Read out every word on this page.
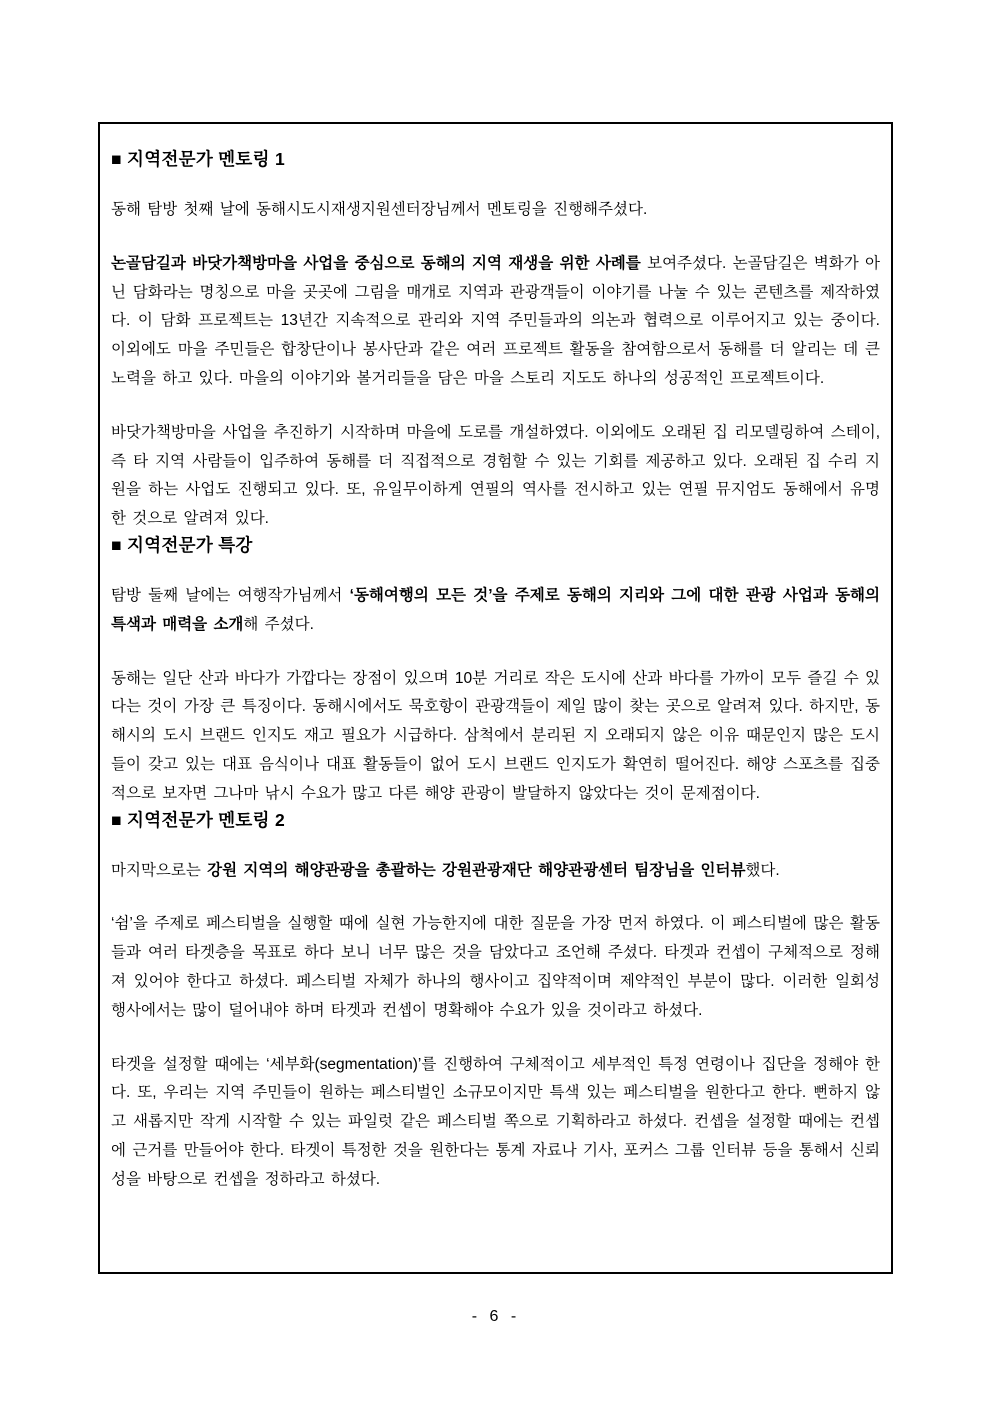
■ 지역전문가 멘토링 1

동해 탐방 첫째 날에 동해시도시재생지원센터장님께서 멘토링을 진행해주셨다.

논골담길과 바닷가책방마을 사업을 중심으로 동해의 지역 재생을 위한 사례를 보여주셨다. 논골담길은 벽화가 아닌 담화라는 명칭으로 마을 곳곳에 그림을 매개로 지역과 관광객들이 이야기를 나눌 수 있는 콘텐츠를 제작하였다. 이 담화 프로젝트는 13년간 지속적으로 관리와 지역 주민들과의 의논과 협력으로 이루어지고 있는 중이다. 이외에도 마을 주민들은 합창단이나 봉사단과 같은 여러 프로젝트 활동을 참여함으로서 동해를 더 알리는 데 큰 노력을 하고 있다. 마을의 이야기와 볼거리들을 담은 마을 스토리 지도도 하나의 성공적인 프로젝트이다.

바닷가책방마을 사업을 추진하기 시작하며 마을에 도로를 개설하였다. 이외에도 오래된 집 리모델링하여 스테이, 즉 타 지역 사람들이 입주하여 동해를 더 직접적으로 경험할 수 있는 기회를 제공하고 있다. 오래된 집 수리 지원을 하는 사업도 진행되고 있다. 또, 유일무이하게 연필의 역사를 전시하고 있는 연필 뮤지엄도 동해에서 유명한 것으로 알려져 있다.

■ 지역전문가 특강

탐방 둘째 날에는 여행작가님께서 ‘동해여행의 모든 것’을 주제로 동해의 지리와 그에 대한 관광 사업과 동해의 특색과 매력을 소개해 주셨다.

동해는 일단 산과 바다가 가깝다는 장점이 있으며 10분 거리로 작은 도시에 산과 바다를 가까이 모두 즐길 수 있다는 것이 가장 큰 특징이다. 동해시에서도 묵호항이 관광객들이 제일 많이 찾는 곳으로 알려져 있다. 하지만, 동해시의 도시 브랜드 인지도 재고 필요가 시급하다. 삼척에서 분리된 지 오래되지 않은 이유 때문인지 많은 도시들이 갖고 있는 대표 음식이나 대표 활동들이 없어 도시 브랜드 인지도가 확연히 떨어진다. 해양 스포츠를 집중적으로 보자면 그나마 낚시 수요가 많고 다른 해양 관광이 발달하지 않았다는 것이 문제점이다.

■ 지역전문가 멘토링 2

마지막으로는 강원 지역의 해양관광을 총괄하는 강원관광재단 해양관광센터 팀장님을 인터뷰했다.

‘쉼’을 주제로 페스티벌을 실행할 때에 실현 가능한지에 대한 질문을 가장 먼저 하였다. 이 페스티벌에 많은 활동들과 여러 타겟층을 목표로 하다 보니 너무 많은 것을 담았다고 조언해 주셨다. 타겟과 컨셉이 구체적으로 정해져 있어야 한다고 하셨다. 페스티벌 자체가 하나의 행사이고 집약적이며 제약적인 부분이 많다. 이러한 일회성 행사에서는 많이 덜어내야 하며 타겟과 컨셉이 명확해야 수요가 있을 것이라고 하셨다.

타겟을 설정할 때에는 ‘세부화(segmentation)’를 진행하여 구체적이고 세부적인 특정 연령이나 집단을 정해야 한다. 또, 우리는 지역 주민들이 원하는 페스티벌인 소규모이지만 특색 있는 페스티벌을 원한다고 한다. 뻔하지 않고 새롭지만 작게 시작할 수 있는 파일럿 같은 페스티벌 쪽으로 기획하라고 하셨다. 컨셉을 설정할 때에는 컨셉에 근거를 만들어야 한다. 타겟이 특정한 것을 원한다는 통계 자료나 기사, 포커스 그룹 인터뷰 등을 통해서 신뢰성을 바탕으로 컨셉을 정하라고 하셨다.

- 6 -
